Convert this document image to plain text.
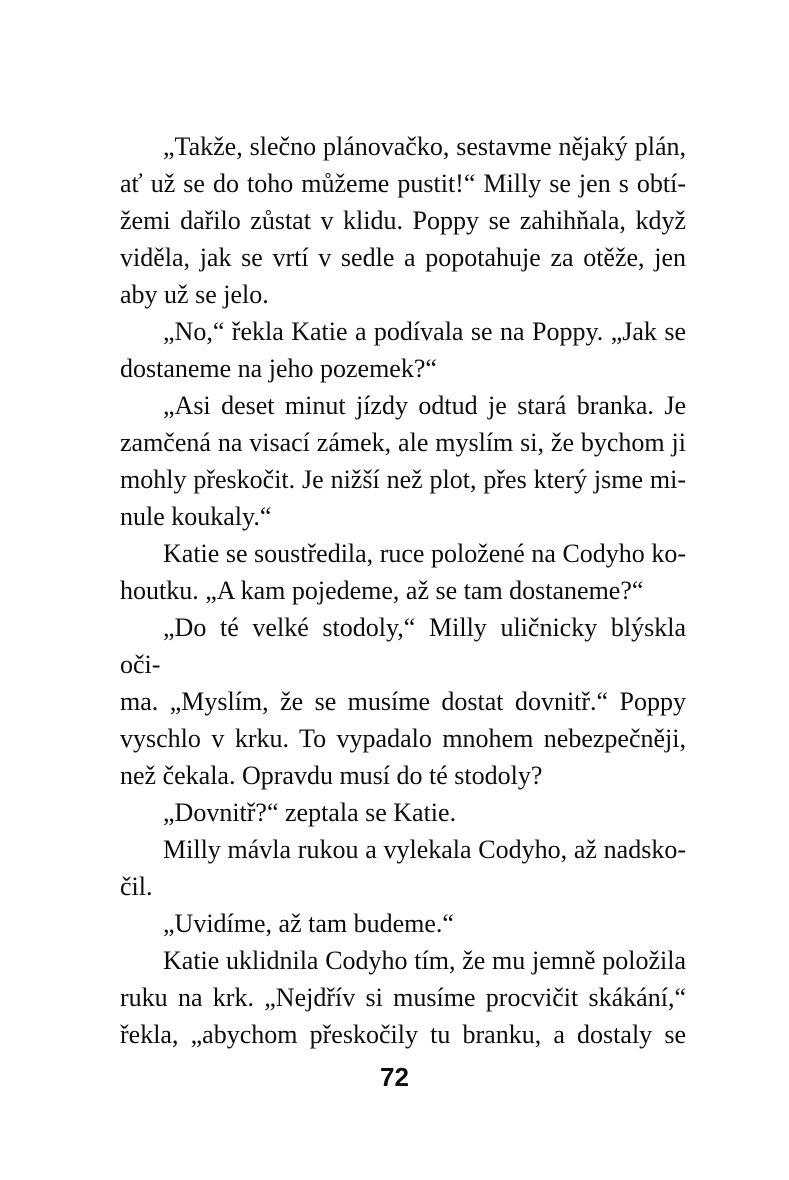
„Takže, slečno plánovačko, sestavme nějaký plán,
ať už se do toho můžeme pustit!“ Milly se jen s obtí-
žemi dařilo zůstat v klidu. Poppy se zahihňala, když
viděla, jak se vrtí v sedle a popotahuje za otěže, jen
aby už se jelo.
„No,“ řekla Katie a podívala se na Poppy. „Jak se
dostaneme na jeho pozemek?“
„Asi deset minut jízdy odtud je stará branka. Je
zamčená na visací zámek, ale myslím si, že bychom ji
mohly přeskočit. Je nižší než plot, přes který jsme mi-
nule koukaly.“
Katie se soustředila, ruce položené na Codyho ko-
houtku. „A kam pojedeme, až se tam dostaneme?“
„Do té velké stodoly,“ Milly uličnicky blýskla oči-
ma. „Myslím, že se musíme dostat dovnitř.“ Poppy
vyschlo v krku. To vypadalo mnohem nebezpečněji,
než čekala. Opravdu musí do té stodoly?
„Dovnitř?“ zeptala se Katie.
Milly mávla rukou a vylekala Codyho, až nadsko-
čil.
„Uvidíme, až tam budeme.“
Katie uklidnila Codyho tím, že mu jemně položila
ruku na krk. „Nejdřív si musíme procvičit skákání,“
řekla, „abychom přeskočily tu branku, a dostaly se
72
